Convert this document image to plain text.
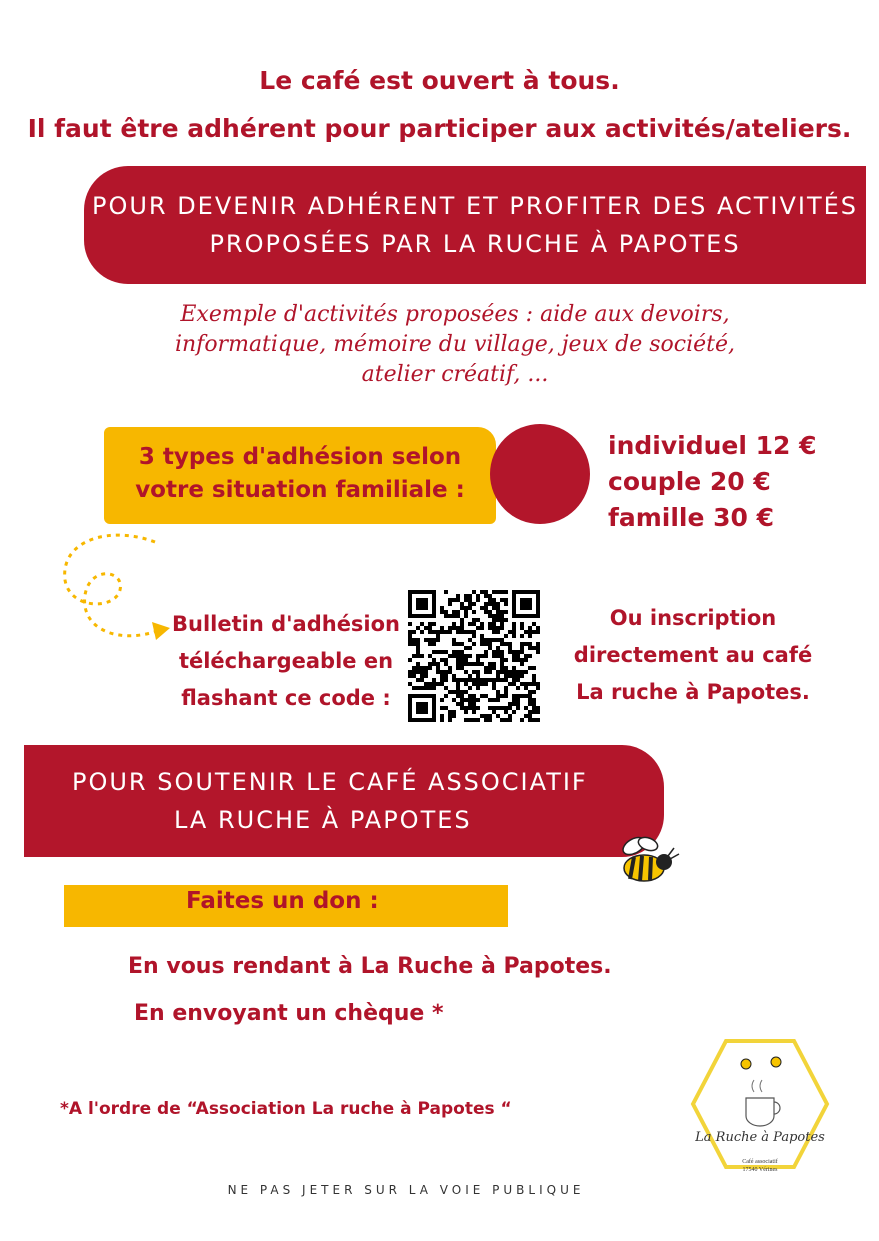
Le café est ouvert à tous.
Il faut être adhérent pour participer aux activités/ateliers.
POUR DEVENIR ADHÉRENT ET PROFITER DES ACTIVITÉS
PROPOSÉES PAR LA RUCHE À PAPOTES
Exemple d'activités proposées : aide aux devoirs,
informatique, mémoire du village, jeux de société,
atelier créatif, ...
3 types d'adhésion selon
votre situation familiale :
individuel 12 €
couple 20 €
famille 30 €
Bulletin d'adhésion
téléchargeable en
flashant ce code :
Ou inscription
directement au café
La ruche à Papotes.
POUR SOUTENIR LE CAFÉ ASSOCIATIF
LA RUCHE À PAPOTES
Faites un don :
En vous rendant à La Ruche à Papotes.
En envoyant un chèque *
*A l'ordre de “Association La ruche à Papotes “
La Ruche à Papotes
Café associatif
17540 Vérines
NE PAS JETER SUR LA VOIE PUBLIQUE
